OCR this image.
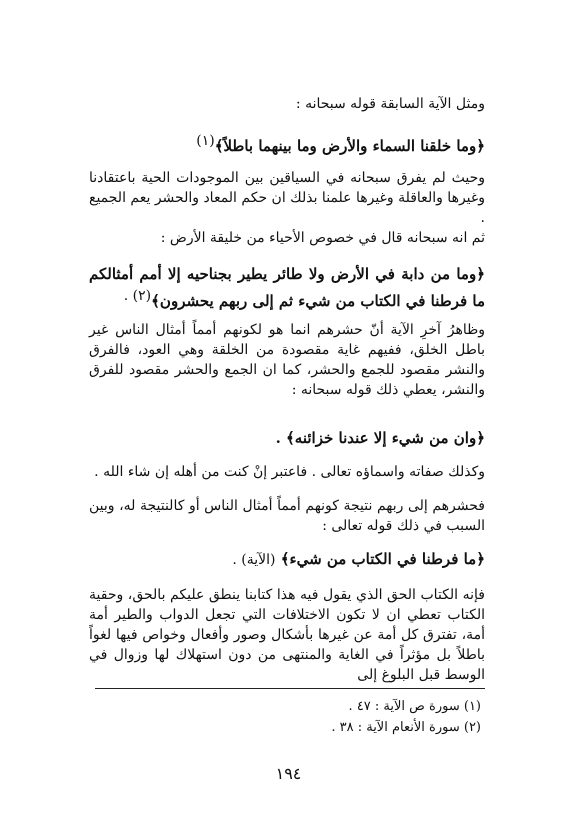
ومثل الآية السابقة قوله سبحانه :
﴿وما خلقنا السماء والأرض وما بينهما باطلاً﴾$^{(١)}$
وحيث لم يفرق سبحانه في السياقين بين الموجودات الحية باعتقادنا وغيرها والعاقلة وغيرها علمنا بذلك ان حكم المعاد والحشر يعم الجميع .
ثم انه سبحانه قال في خصوص الأحياء من خليقة الأرض :
﴿وما من دابة في الأرض ولا طائر يطير بجناحيه إلا أمم أمثالكم ما فرطنا في الكتاب من شيء ثم إلى ربهم يحشرون﴾$^{(٢) .}$
وظاهرُ آخرِ الآية أنّ حشرهم انما هو لكونهم أمماً أمثال الناس غير باطل الخلق، ففيهم غاية مقصودة من الخلقة وهي العود، فالفرق والنشر مقصود للجمع والحشر، كما ان الجمع والحشر مقصود للفرق والنشر، يعطي ذلك قوله سبحانه :
﴿وان من شيء إلا عندنا خزائنه﴾ .
وكذلك صفاته واسماؤه تعالى . فاعتبر إنْ كنت من أهله إن شاء الله .
فحشرهم إلى ربهم نتيجة كونهم أمماً أمثال الناس أو كالنتيجة له، وبين السبب في ذلك قوله تعالى :
﴿ما فرطنا في الكتاب من شيء﴾ (الآية) .
فإنه الكتاب الحق الذي يقول فيه هذا كتابنا ينطق عليكم بالحق، وحقية الكتاب تعطي ان لا تكون الاختلافات التي تجعل الدواب والطير أمة أمة، تفترق كل أمة عن غيرها بأشكال وصور وأفعال وخواص فيها لغواً باطلاً بل مؤثراً في الغاية والمنتهى من دون استهلاك لها وزوال في الوسط قبل البلوغ إلى
(١) سورة ص الآية : ٤٧ .
(٢) سورة الأنعام الآية : ٣٨ .
١٩٤
